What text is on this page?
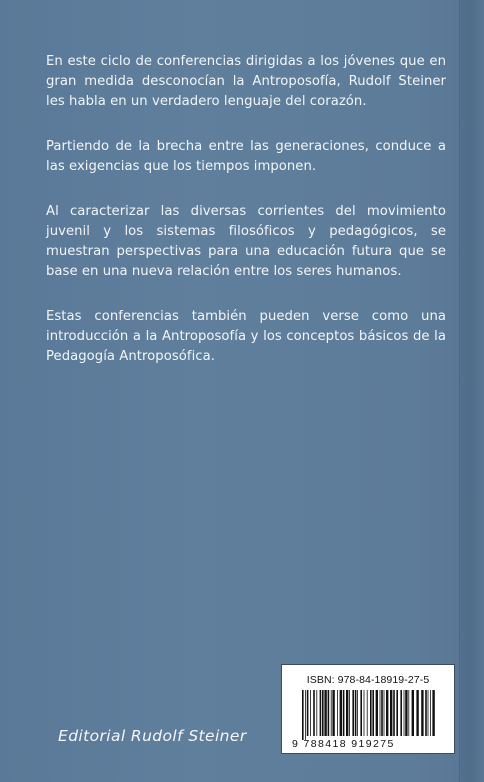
En este ciclo de conferencias dirigidas a los jóvenes que en gran medida desconocían la Antroposofía, Rudolf Steiner les habla en un verdadero lenguaje del corazón.

Partiendo de la brecha entre las generaciones, conduce a las exigencias que los tiempos imponen.

Al caracterizar las diversas corrientes del movimiento juvenil y los sistemas filosóficos y pedagógicos, se muestran perspectivas para una educación futura que se base en una nueva relación entre los seres humanos.

Estas conferencias también pueden verse como una introducción a la Antroposofía y los conceptos básicos de la Pedagogía Antroposófica.

ISBN: 978-84-18919-27-5
9 788418 919275
Editorial Rudolf Steiner
